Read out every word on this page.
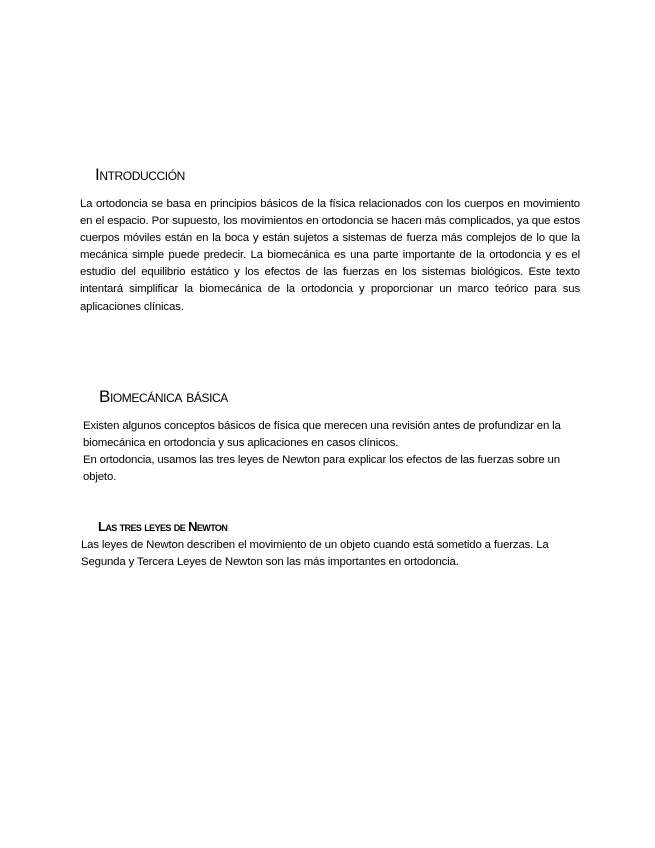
Introducción

La ortodoncia se basa en principios básicos de la física relacionados con los cuerpos en movimiento en el espacio. Por supuesto, los movimientos en ortodoncia se hacen más complicados, ya que estos cuerpos móviles están en la boca y están sujetos a sistemas de fuerza más complejos de lo que la mecánica simple puede predecir. La biomecánica es una parte importante de la ortodoncia y es el estudio del equilibrio estático y los efectos de las fuerzas en los sistemas biológicos. Este texto intentará simplificar la biomecánica de la ortodoncia y proporcionar un marco teórico para sus aplicaciones clínicas.

Biomecánica básica

Existen algunos conceptos básicos de física que merecen una revisión antes de profundizar en la biomecánica en ortodoncia y sus aplicaciones en casos clínicos.

En ortodoncia, usamos las tres leyes de Newton para explicar los efectos de las fuerzas sobre un objeto.

Las tres leyes de Newton

Las leyes de Newton describen el movimiento de un objeto cuando está sometido a fuerzas. La Segunda y Tercera Leyes de Newton son las más importantes en ortodoncia.
